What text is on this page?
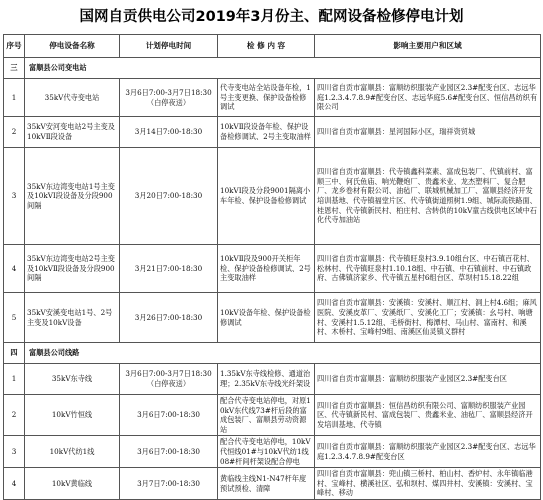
国网自贡供电公司2019年3月份主、配网设备检修停电计划
序号	停电设备名称	计划停电时间	检 修 内 容	影响主要用户和区域
三	富顺县公司变电站			
1	35kV代寺变电站	3月6日7:00-3月7日18:30（白停夜送）	代寺变电站全站设备年检，1号主变更换、保护设备检修调试	四川省自贡市富顺县：富顺纺织服装产业园区2.3#配变台区、志远华庭1.2.3.4.7.8.9#配变台区、志远华庭5.6#配变台区、恒信昌纺织有限公司
2	35kV安河变电站2号主变及10kVⅡ段设备	3月14日7:00-18:30	10kVⅡ段设备年检、保护设备检修调试、2号主变取油样	四川省自贡市富顺县：星河国际小区，瑞祥资贸城
3	35kV东边湾变电站1号主变及10kVⅠ段设备及分段900间隔	3月20日7:00-18:30	10kVⅠ段及分段9001隔离小车年检、保护设备检修调试	四川省自贡市富顺县：代寺镇鑫科菜素、富成包装厂、代镇前村、富顺三中、何氏鱼庙、响光鞭炮厂、贵鑫米业、龙杰塑料厂、复合肥厂、龙乡卷材有限公司、油毡厂、联城机械加工厂、富顺县经济开发培训基地、代寺镇福堂片区、代寺镇街道照树1.9组、城际高铁路面、桂恩村、代寺镇新民村、柏庄村、含转供的10kV童古线供电区域中石化代寺加油站
4	35kV东边湾变电站2号主变及10kVⅡ段设备及分段900间隔	3月21日7:00-18:30	10kVⅡ段及900开关柜年检、保护设备检修调试、2号主变取油样	四川省自贡市富顺县：代寺镇旺泉村3.9.10组台区、中石镇百花村、松林村、代寺镇旺泉村1.10.18组、中石镇、中石镇前村、中石镇政府、古佛镇济家乡、代寺镇五星村6组台区、草坝村15.18.22组
5	35kV安溪变电站1号、2号主变及10kV设备	3月26日7:00-18:30	10kV设备年检、保护设备检修调试	四川省自贡市富顺县：安溪镇：安溪村、顺江村、洞上村4.6组；麻风医院、安溪皮革厂、安溪纸厂、安溪化工厂；安溪镇：幺号村、响塘村、安溪村1.5.12组、毛桥街村、梅潭村、马山村、富南村、和溪村、木桥村、宝峰村9组、南溪区仙灵镇义群村
四	富顺县公司线路			
1	35kV东寺线	3月6日7:00-3月7日18:30（白停夜送）	1.35kV东寺线检修、通道治理；2.35kV东寺线光纤架设	四川省自贡市富顺县：富顺纺织服装产业园区2.3#配变台区
2	10kV竹恒线	3月6日7:00-18:30	配合代寺变电站停电，对原10kV东代线73#杆后段的富成包装厂、富顺县劳动资源站	四川省自贡市富顺县：恒信昌纺织有限公司、富顺纺织服装产业园区、代寺镇新民村、富成包装厂、贵鑫米业、油毡厂、富顺县经济开发培训基地、代寺镇
3	10kV代纺1线	3月6日7:00-18:30	配合代寺变电站停电，10kV代恒线01#与10kV代纺1线08#杆间杆架设配合停电	四川省自贡市富顺县：富顺纺织服装产业园区2.3#配变台区、志远华庭1.2.3.4.7.8.9#配变台区
4	10kV黄临线	3月7日7:00-18:30	黄临线主线N1-N47杆年度预试预检、清障	四川省自贡市富顺县：兜山镇三桥村、柏山村、香炉村、永年镇临港村、宝峰村、横溪社区、弘和坝村、煤四井村、安溪镇：安溪村、宝峰村、移动
